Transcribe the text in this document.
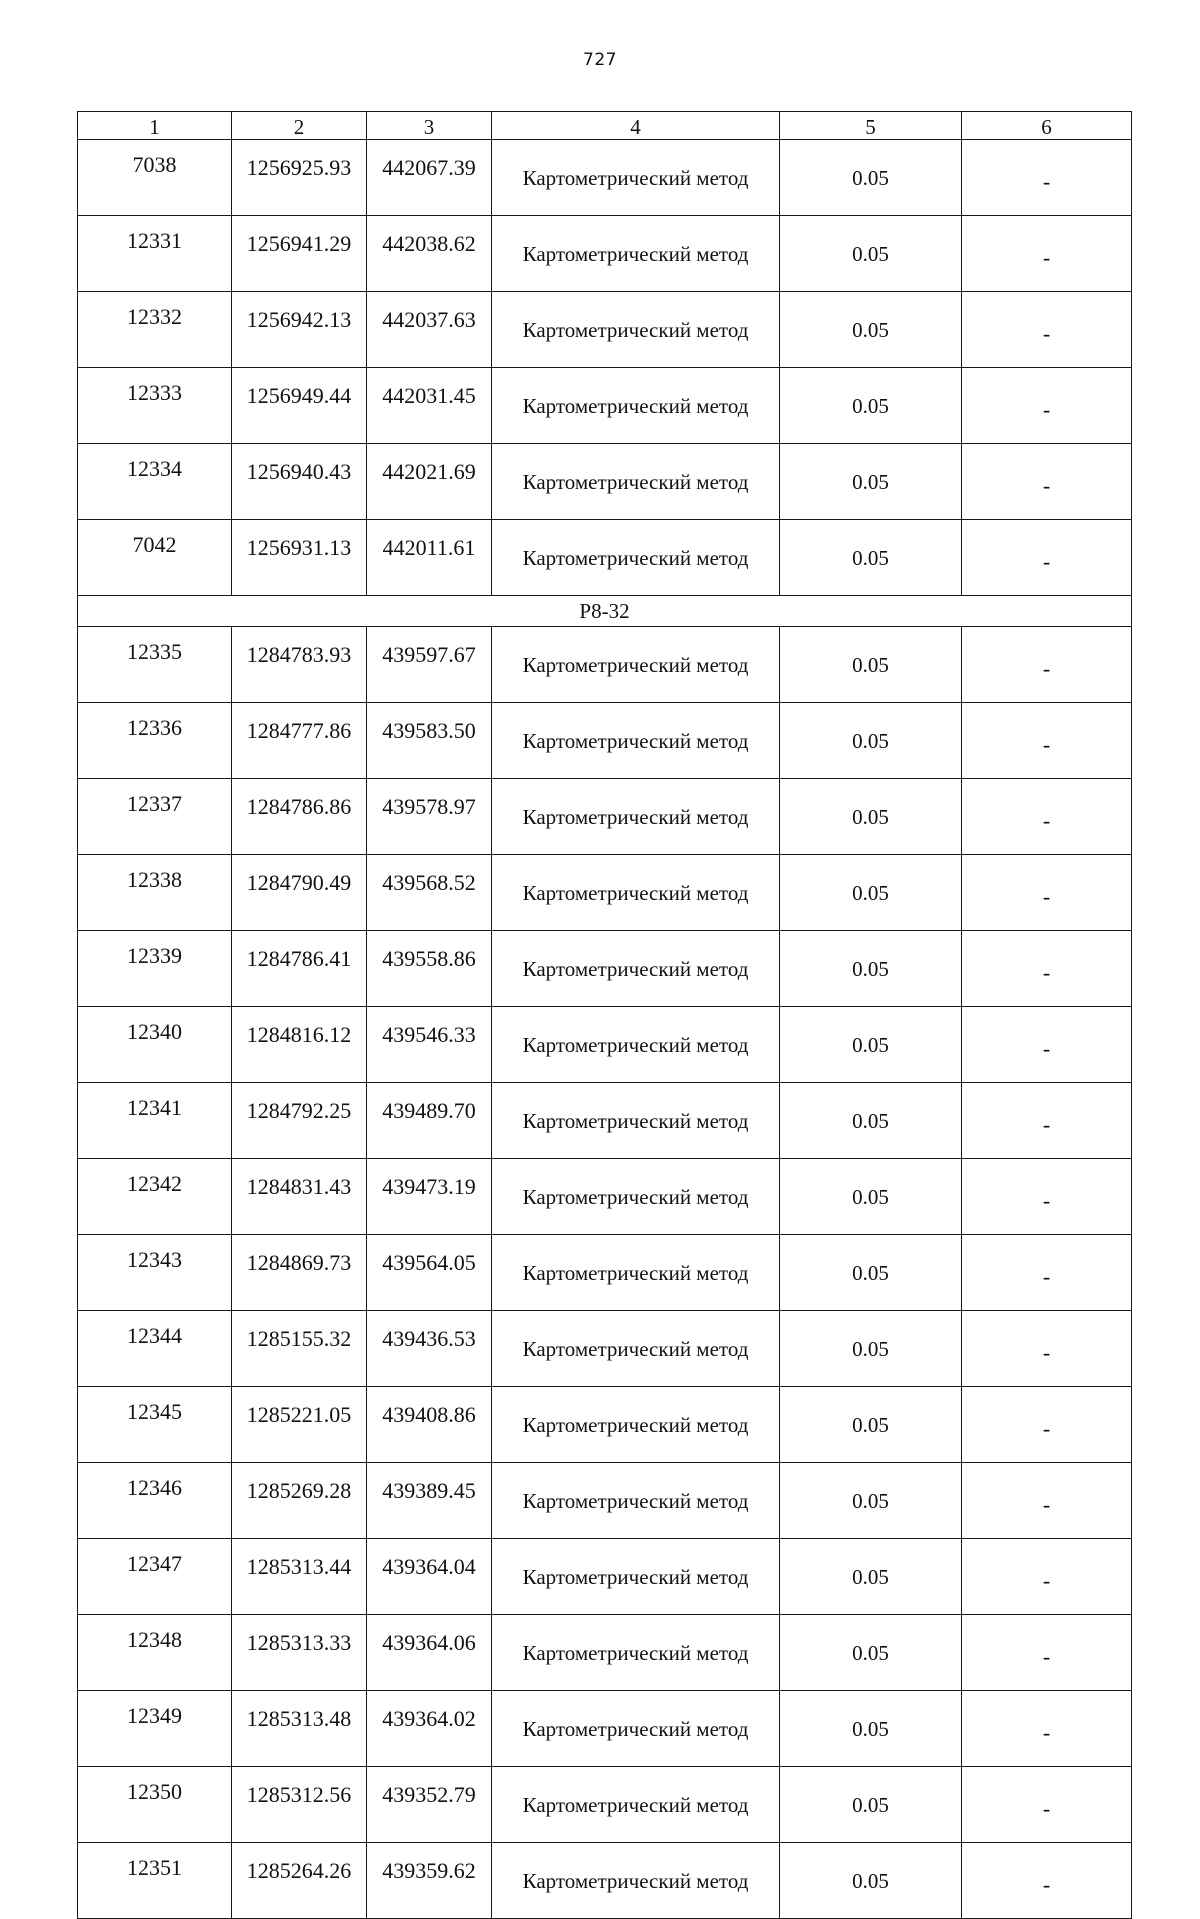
727
1	2	3	4	5	6
7038	1256925.93	442067.39	Картометрический метод	0.05	-
12331	1256941.29	442038.62	Картометрический метод	0.05	-
12332	1256942.13	442037.63	Картометрический метод	0.05	-
12333	1256949.44	442031.45	Картометрический метод	0.05	-
12334	1256940.43	442021.69	Картометрический метод	0.05	-
7042	1256931.13	442011.61	Картометрический метод	0.05	-
Р8-32					
12335	1284783.93	439597.67	Картометрический метод	0.05	-
12336	1284777.86	439583.50	Картометрический метод	0.05	-
12337	1284786.86	439578.97	Картометрический метод	0.05	-
12338	1284790.49	439568.52	Картометрический метод	0.05	-
12339	1284786.41	439558.86	Картометрический метод	0.05	-
12340	1284816.12	439546.33	Картометрический метод	0.05	-
12341	1284792.25	439489.70	Картометрический метод	0.05	-
12342	1284831.43	439473.19	Картометрический метод	0.05	-
12343	1284869.73	439564.05	Картометрический метод	0.05	-
12344	1285155.32	439436.53	Картометрический метод	0.05	-
12345	1285221.05	439408.86	Картометрический метод	0.05	-
12346	1285269.28	439389.45	Картометрический метод	0.05	-
12347	1285313.44	439364.04	Картометрический метод	0.05	-
12348	1285313.33	439364.06	Картометрический метод	0.05	-
12349	1285313.48	439364.02	Картометрический метод	0.05	-
12350	1285312.56	439352.79	Картометрический метод	0.05	-
12351	1285264.26	439359.62	Картометрический метод	0.05	-
